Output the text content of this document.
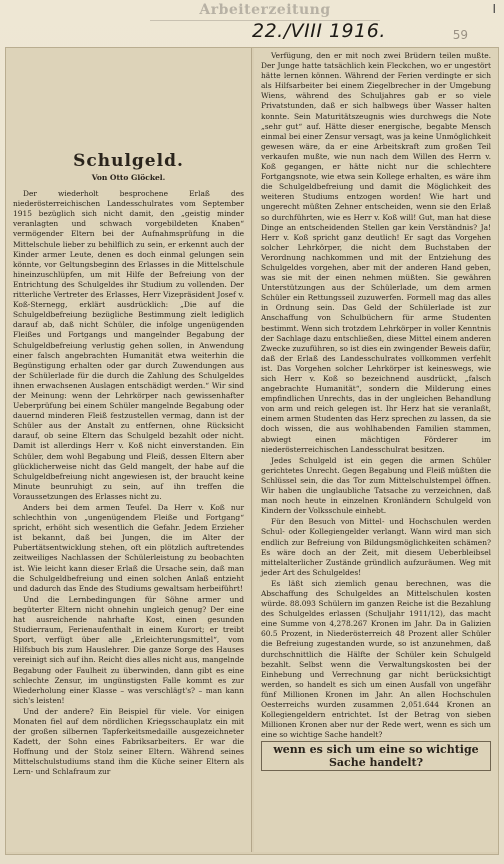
I
Arbeiterzeitung
22./VIII 1916.	59
Schulgeld.
Von Otto Glöckel.

Der wiederholt besprochene Erlaß des niederösterreichischen Landesschulrates vom September 1915 bezüglich sich nicht damit, den „geistig minder veranlagten und schwach vorgebildeten Knaben“ vermögender Eltern bei der Aufnahmsprüfung in die Mittelschule lieber zu behilflich zu sein, er erkennt auch der Kinder armer Leute, denen es doch einmal gelungen sein könnte, vor Geltungsbeginn des Erlasses in die Mittelschule hineinzuschlüpfen, um mit Hilfe der Befreiung von der Entrichtung des Schulgeldes ihr Studium zu vollenden. Der ritterliche Vertreter des Erlasses, Herr Vizepräsident Josef v. Koß-Sternegg, erklärt ausdrücklich: „Die auf die Schulgeldbefreiung bezügliche Bestimmung zielt lediglich darauf ab, daß nicht Schüler, die infolge ungenügenden Fleißes und Fortgangs und mangelnder Begabung der Schulgeldbefreiung verlustig gehen sollen, in Anwendung einer falsch angebrachten Humanität etwa weiterhin die Begünstigung erhalten oder gar durch Zuwendungen aus der Schülerlade für die durch die Zahlung des Schulgeldes ihnen erwachsenen Auslagen entschädigt werden.“ Wir sind der Meinung: wenn der Lehrkörper nach gewissenhafter Ueberprüfung bei einem Schüler mangelnde Begabung oder dauernd minderen Fleiß festzustellen vermag, dann ist der Schüler aus der Anstalt zu entfernen, ohne Rücksicht darauf, ob seine Eltern das Schulgeld bezahlt oder nicht. Damit ist allerdings Herr v. Koß nicht einverstanden. Ein Schüler, dem wohl Begabung und Fleiß, dessen Eltern aber glücklicherweise nicht das Geld mangelt, der habe auf die Schulgeldbefreiung nicht angewiesen ist, der braucht keine Minute beunruhigt zu sein, auf ihn treffen die Voraussetzungen des Erlasses nicht zu.

Anders bei dem armen Teufel. Da Herr v. Koß nur schlechthin von „ungenügendem Fleiße und Fortgang“ spricht, erhöht sich wesentlich die Gefahr. Jedem Erzieher ist bekannt, daß bei Jungen, die im Alter der Pubertätsentwicklung stehen, oft ein plötzlich auftretendes zeitweiliges Nachlassen der Schülerleistung zu beobachten ist. Wie leicht kann dieser Erlaß die Ursache sein, daß man die Schulgeldbefreiung und einen solchen Anlaß entzieht und dadurch das Ende des Studiums gewaltsam herbeiführt!

Und die Lernbedingungen für Söhne armer und begüterter Eltern nicht ohnehin ungleich genug? Der eine hat ausreichende nahrhafte Kost, einen gesunden Studierraum, Ferienaufenthalt in einem Kurort; er treibt Sport, verfügt über alle „Erleichterungsmittel“, vom Hilfsbuch bis zum Hauslehrer. Die ganze Sorge des Hauses vereinigt sich auf ihn. Reicht dies alles nicht aus, mangelnde Begabung oder Faulheit zu überwinden, dann gibt es eine schlechte Zensur, im ungünstigsten Falle kommt es zur Wiederholung einer Klasse – was verschlägt's? – man kann sich's leisten!

Und der andere? Ein Beispiel für viele. Vor einigen Monaten fiel auf dem nördlichen Kriegsschauplatz ein mit der großen silbernen Tapferkeitsmedaille ausgezeichneter Kadett, der Sohn eines Fabriksarbeiters. Er war die Hoffnung und der Stolz seiner Eltern. Während seines Mittelschulstudiums stand ihm die Küche seiner Eltern als Lern- und Schlafraum zur

Verfügung, den er mit noch zwei Brüdern teilen mußte. Der Junge hatte tatsächlich kein Fleckchen, wo er ungestört hätte lernen können. Während der Ferien verdingte er sich als Hilfsarbeiter bei einem Ziegelbrecher in der Umgebung Wiens, während des Schuljahres gab er so viele Privatstunden, daß er sich halbwegs über Wasser halten konnte. Sein Maturitätszeugnis wies durchwegs die Note „sehr gut“ auf. Hätte dieser energische, begabte Mensch einmal bei einer Zensur versagt, was ja keine Unmöglichkeit gewesen wäre, da er eine Arbeitskraft zum großen Teil verkaufen mußte, wie nun nach dem Willen des Herrn v. Koß gegangen, er hätte nicht nur die schlechtere Fortgangsnote, wie etwa sein Kollege erhalten, es wäre ihm die Schulgeldbefreiung und damit die Möglichkeit des weiteren Studiums entzogen worden! Wie hart und ungerecht müßten Zehner entscheiden, wenn sie den Erlaß so durchführten, wie es Herr v. Koß will! Gut, man hat diese Dinge an entscheidenden Stellen gar kein Verständnis? Ja! Herr v. Koß spricht ganz deutlich! Er sagt das Vorgehen solcher Lehrkörper, die nicht dem Buchstaben der Verordnung nachkommen und mit der Entziehung des Schulgeldes vorgehen, aber mit der anderen Hand geben, was sie mit der einen nehmen müßten. Sie gewähren Unterstützungen aus der Schülerlade, um dem armen Schüler ein Rettungsseil zuzuwerfen. Formell mag das alles in Ordnung sein. Das Geld der Schülerlade ist zur Anschaffung von Schulbüchern für arme Studenten bestimmt. Wenn sich trotzdem Lehrkörper in voller Kenntnis der Sachlage dazu entschließen, diese Mittel einem anderen Zwecke zuzuführen, so ist dies ein zwingender Beweis dafür, daß der Erlaß des Landesschulrates vollkommen verfehlt ist. Das Vorgehen solcher Lehrkörper ist keineswegs, wie sich Herr v. Koß so bezeichnend ausdrückt, „falsch angebrachte Humanität“, sondern die Milderung eines empfindlichen Unrechts, das in der ungleichen Behandlung von arm und reich gelegen ist. Ihr Herz hat sie veranlaßt, einem armen Studenten das Herz sprechen zu lassen, da sie doch wissen, die aus wohlhabenden Familien stammen, abwiegt einen mächtigen Förderer im niederösterreichischen Landesschulrat besitzen.

Jedes Schulgeld ist ein gegen die armen Schüler gerichtetes Unrecht. Gegen Begabung und Fleiß müßten die Schlüssel sein, die das Tor zum Mittelschulstempel öffnen. Wir haben die unglaubliche Tatsache zu verzeichnen, daß man noch heute in einzelnen Kronländern Schulgeld von Kindern der Volksschule einhebt.

Für den Besuch von Mittel- und Hochschulen werden Schul- oder Kollegiengelder verlangt. Wann wird man sich endlich zur Befreiung von Bildungsmöglichkeiten schämen? Es wäre doch an der Zeit, mit diesem Ueberbleibsel mittelalterlicher Zustände gründlich aufzuräumen. Weg mit jeder Art des Schulgeldes!

Es läßt sich ziemlich genau berechnen, was die Abschaffung des Schulgeldes an Mittelschulen kosten würde. 88.093 Schülern im ganzen Reiche ist die Bezahlung des Schulgeldes erlassen (Schuljahr 1911/12), das macht eine Summe von 4,278.267 Kronen im Jahr. Da in Galizien 60.5 Prozent, in Niederösterreich 48 Prozent aller Schüler die Befreiung zugestanden wurde, so ist anzunehmen, daß durchschnittlich die Hälfte der Schüler kein Schulgeld bezahlt. Selbst wenn die Verwaltungskosten bei der Einhebung und Verrechnung gar nicht berücksichtigt werden, so handelt es sich um einen Ausfall von ungefähr fünf Millionen Kronen im Jahr. An allen Hochschulen Oesterreichs wurden zusammen 2,051.644 Kronen an Kollegiengeldern entrichtet. Ist der Betrag von sieben Millionen Kronen aber nur der Rede wert, wenn es sich um eine so wichtige Sache handelt?

wenn es sich um eine so wichtige Sache handelt?
